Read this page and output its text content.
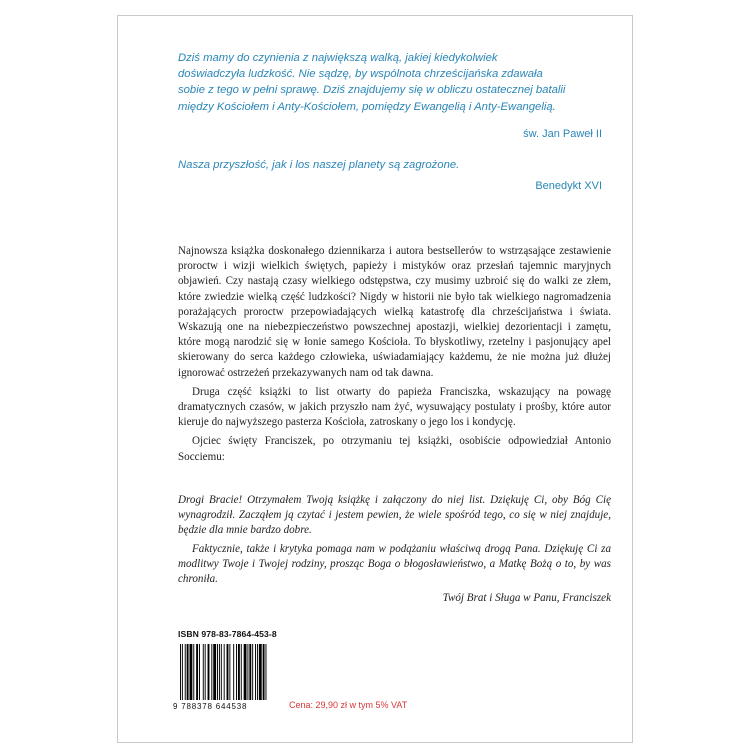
Dziś mamy do czynienia z największą walką, jakiej kiedykolwiek
doświadczyła ludzkość. Nie sądzę, by wspólnota chrześcijańska zdawała
sobie z tego w pełni sprawę. Dziś znajdujemy się w obliczu ostatecznej batalii
między Kościołem i Anty-Kościołem, pomiędzy Ewangelią i Anty-Ewangelią.
św. Jan Paweł II
Nasza przyszłość, jak i los naszej planety są zagrożone.
Benedykt XVI

Najnowsza książka doskonałego dziennikarza i autora bestsellerów to wstrząsające zestawienie proroctw i wizji wielkich świętych, papieży i mistyków oraz przesłań tajemnic maryjnych objawień. Czy nastają czasy wielkiego odstępstwa, czy musimy uzbroić się do walki ze złem, które zwiedzie wielką część ludzkości? Nigdy w historii nie było tak wielkiego nagromadzenia porażających proroctw przepowiadających wielką katastrofę dla chrześcijaństwa i świata. Wskazują one na niebezpieczeństwo powszechnej apostazji, wielkiej dezorientacji i zamętu, które mogą narodzić się w łonie samego Kościoła. To błyskotliwy, rzetelny i pasjonujący apel skierowany do serca każdego człowieka, uświadamiający każdemu, że nie można już dłużej ignorować ostrzeżeń przekazywanych nam od tak dawna.

Druga część książki to list otwarty do papieża Franciszka, wskazujący na powagę dramatycznych czasów, w jakich przyszło nam żyć, wysuwający postulaty i prośby, które autor kieruje do najwyższego pasterza Kościoła, zatroskany o jego los i kondycję.

Ojciec święty Franciszek, po otrzymaniu tej książki, osobiście odpowiedział Antonio Socciemu:

Drogi Bracie! Otrzymałem Twoją książkę i załączony do niej list. Dziękuję Ci, oby Bóg Cię wynagrodził. Zacząłem ją czytać i jestem pewien, że wiele spośród tego, co się w niej znajduje, będzie dla mnie bardzo dobre.

Faktycznie, także i krytyka pomaga nam w podążaniu właściwą drogą Pana. Dziękuję Ci za modlitwy Twoje i Twojej rodziny, prosząc Boga o błogosławieństwo, a Matkę Bożą o to, by was chroniła.

Twój Brat i Sługa w Panu, Franciszek

ISBN 978-83-7864-453-8
9 788378 644538	Cena: 29,90 zł w tym 5% VAT
